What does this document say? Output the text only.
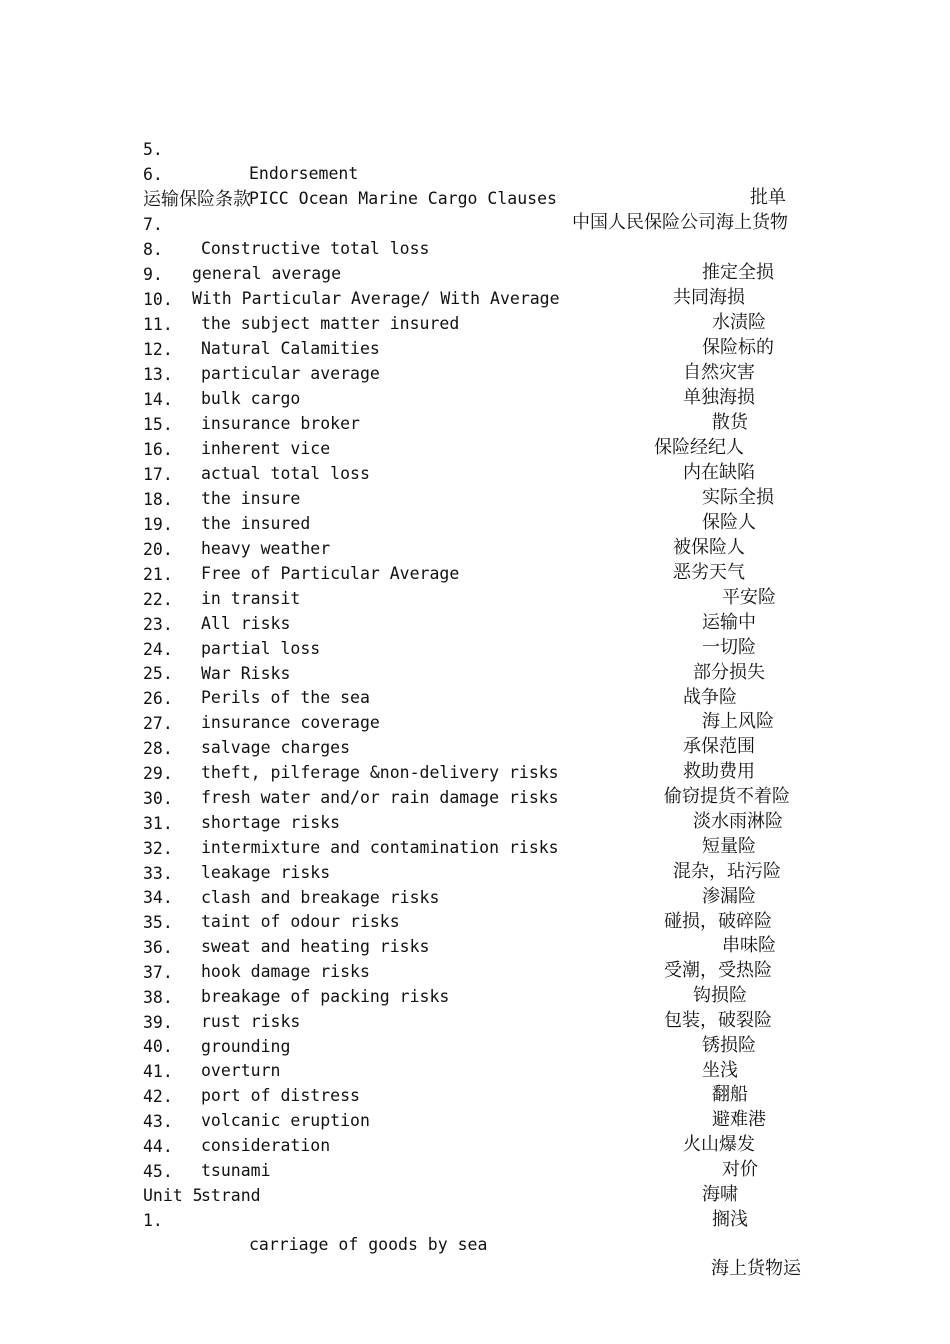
5.

Endorsement

批单

6.

PICC Ocean Marine Cargo Clauses

中国人民保险公司海上货物

运输保险条款

7.

Constructive total loss

推定全损

8.

general average

共同海损

9.

With Particular Average/ With Average

水渍险

10.

the subject matter insured

保险标的

11.

Natural Calamities

自然灾害

12.

particular average

单独海损

13.

bulk cargo

散货

14.

insurance broker

保险经纪人

15.

inherent vice

内在缺陷

16.

actual total loss

实际全损

17.

the insure

保险人

18.

the insured

被保险人

19.

heavy weather

恶劣天气

20.

Free of Particular Average

平安险

21.

in transit

运输中

22.

All risks

一切险

23.

partial loss

部分损失

24.

War Risks

战争险

25.

Perils of the sea

海上风险

26.

insurance coverage

承保范围

27.

salvage charges

救助费用

28.

theft, pilferage &non-delivery risks

偷窃提货不着险

29.

fresh water and/or rain damage risks

淡水雨淋险

30.

shortage risks

短量险

31.

intermixture and contamination risks

混杂，玷污险

32.

leakage risks

渗漏险

33.

clash and breakage risks

碰损，破碎险

34.

taint of odour risks

串味险

35.

sweat and heating risks

受潮，受热险

36.

hook damage risks

钩损险

37.

breakage of packing risks

包装，破裂险

38.

rust risks

锈损险

39.

grounding

坐浅

40.

overturn

翻船

41.

port of distress

避难港

42.

volcanic eruption

火山爆发

43.

consideration

对价

44.

tsunami

海啸

45.

strand

搁浅

Unit 5

1.

carriage of goods by sea

海上货物运
